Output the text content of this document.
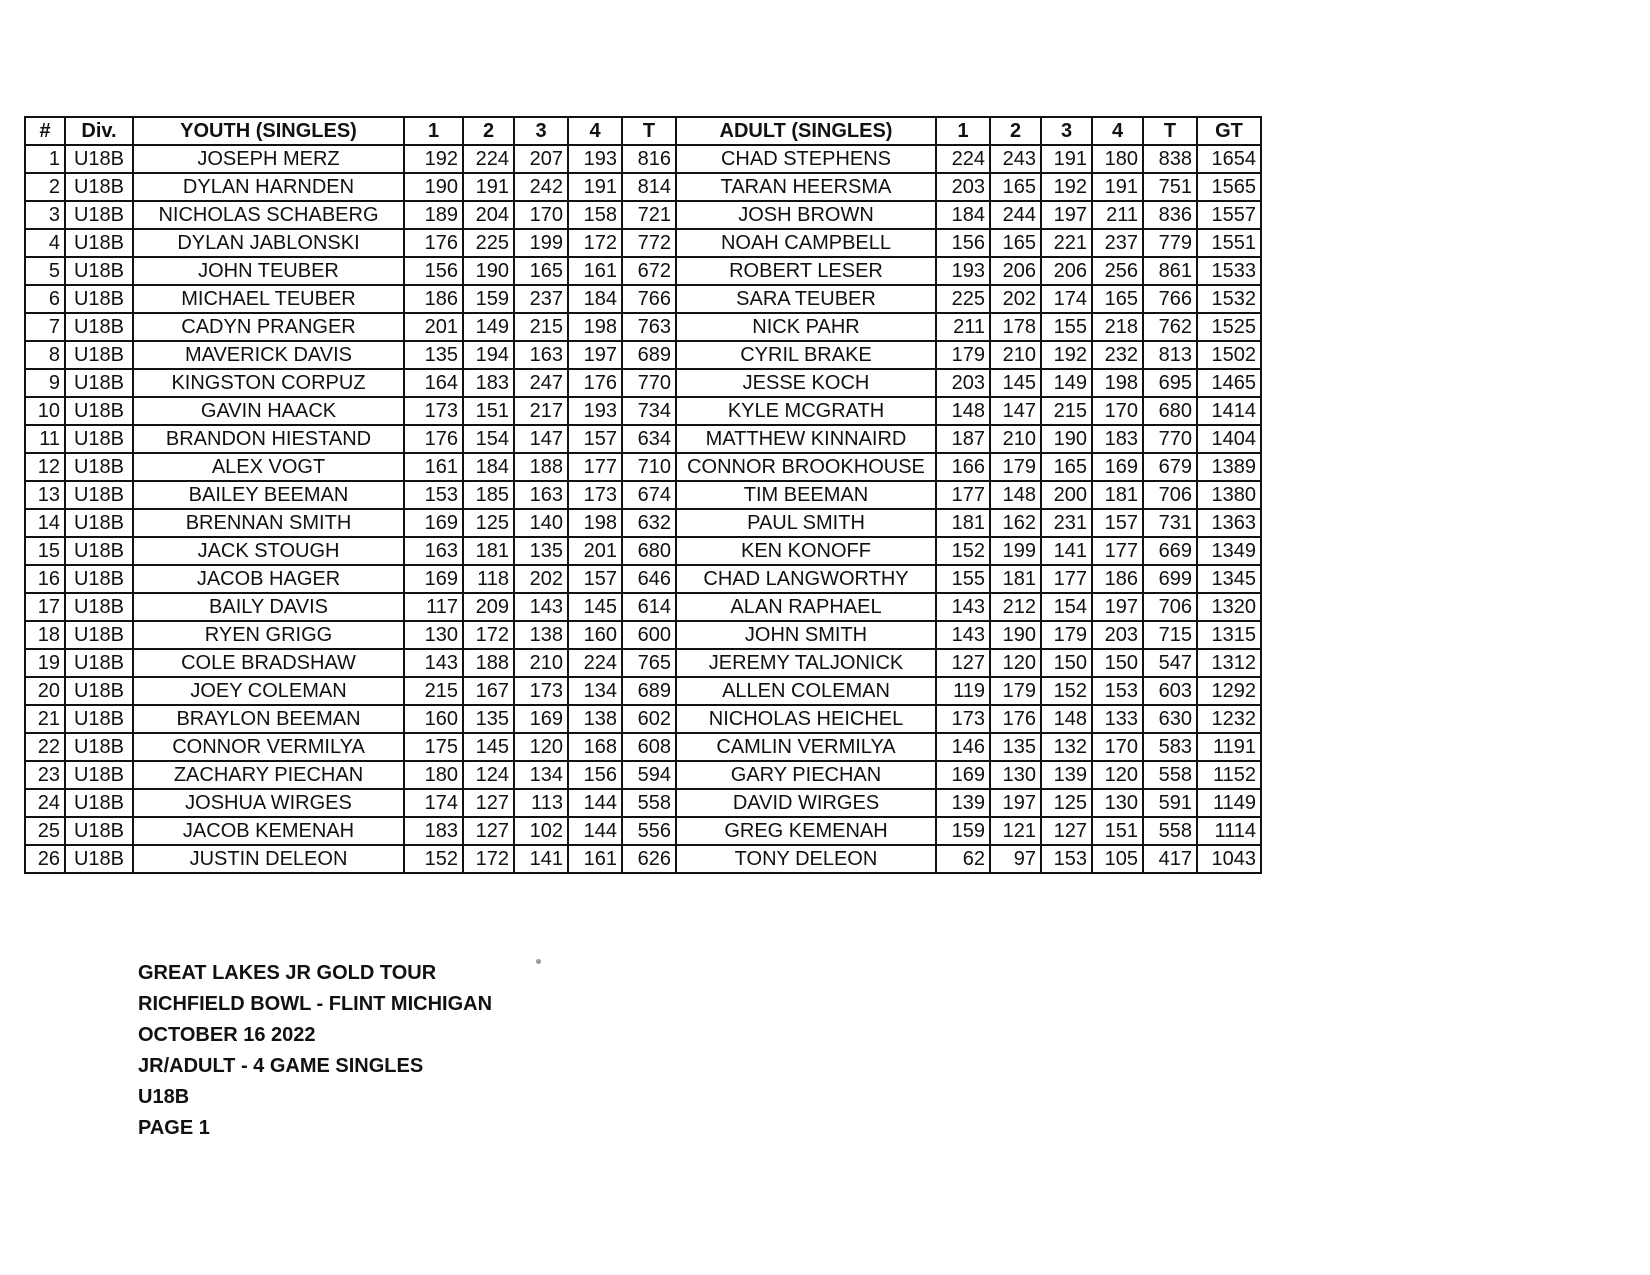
#	Div.	YOUTH (SINGLES)	1	2	3	4	T	ADULT (SINGLES)	1	2	3	4	T	GT
1	U18B	JOSEPH MERZ	192	224	207	193	816	CHAD STEPHENS	224	243	191	180	838	1654
2	U18B	DYLAN HARNDEN	190	191	242	191	814	TARAN HEERSMA	203	165	192	191	751	1565
3	U18B	NICHOLAS SCHABERG	189	204	170	158	721	JOSH BROWN	184	244	197	211	836	1557
4	U18B	DYLAN JABLONSKI	176	225	199	172	772	NOAH CAMPBELL	156	165	221	237	779	1551
5	U18B	JOHN TEUBER	156	190	165	161	672	ROBERT LESER	193	206	206	256	861	1533
6	U18B	MICHAEL TEUBER	186	159	237	184	766	SARA TEUBER	225	202	174	165	766	1532
7	U18B	CADYN PRANGER	201	149	215	198	763	NICK PAHR	211	178	155	218	762	1525
8	U18B	MAVERICK DAVIS	135	194	163	197	689	CYRIL BRAKE	179	210	192	232	813	1502
9	U18B	KINGSTON CORPUZ	164	183	247	176	770	JESSE KOCH	203	145	149	198	695	1465
10	U18B	GAVIN HAACK	173	151	217	193	734	KYLE MCGRATH	148	147	215	170	680	1414
11	U18B	BRANDON HIESTAND	176	154	147	157	634	MATTHEW KINNAIRD	187	210	190	183	770	1404
12	U18B	ALEX VOGT	161	184	188	177	710	CONNOR BROOKHOUSE	166	179	165	169	679	1389
13	U18B	BAILEY BEEMAN	153	185	163	173	674	TIM BEEMAN	177	148	200	181	706	1380
14	U18B	BRENNAN SMITH	169	125	140	198	632	PAUL SMITH	181	162	231	157	731	1363
15	U18B	JACK STOUGH	163	181	135	201	680	KEN KONOFF	152	199	141	177	669	1349
16	U18B	JACOB HAGER	169	118	202	157	646	CHAD LANGWORTHY	155	181	177	186	699	1345
17	U18B	BAILY DAVIS	117	209	143	145	614	ALAN RAPHAEL	143	212	154	197	706	1320
18	U18B	RYEN GRIGG	130	172	138	160	600	JOHN SMITH	143	190	179	203	715	1315
19	U18B	COLE BRADSHAW	143	188	210	224	765	JEREMY TALJONICK	127	120	150	150	547	1312
20	U18B	JOEY COLEMAN	215	167	173	134	689	ALLEN COLEMAN	119	179	152	153	603	1292
21	U18B	BRAYLON BEEMAN	160	135	169	138	602	NICHOLAS HEICHEL	173	176	148	133	630	1232
22	U18B	CONNOR VERMILYA	175	145	120	168	608	CAMLIN VERMILYA	146	135	132	170	583	1191
23	U18B	ZACHARY PIECHAN	180	124	134	156	594	GARY PIECHAN	169	130	139	120	558	1152
24	U18B	JOSHUA WIRGES	174	127	113	144	558	DAVID WIRGES	139	197	125	130	591	1149
25	U18B	JACOB KEMENAH	183	127	102	144	556	GREG KEMENAH	159	121	127	151	558	1114
26	U18B	JUSTIN DELEON	152	172	141	161	626	TONY DELEON	62	97	153	105	417	1043
GREAT LAKES JR GOLD TOUR
RICHFIELD BOWL - FLINT MICHIGAN
OCTOBER 16 2022
JR/ADULT - 4 GAME SINGLES
U18B
PAGE 1
